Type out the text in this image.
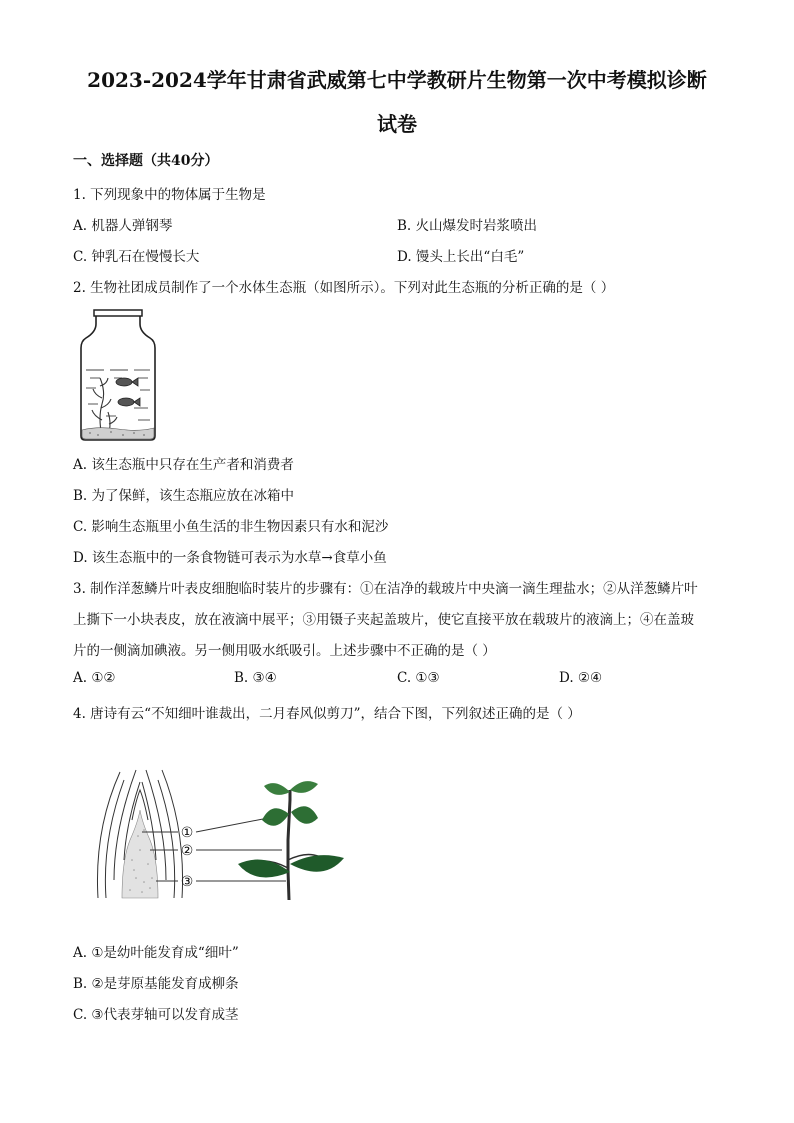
2023-2024学年甘肃省武威第七中学教研片生物第一次中考模拟诊断
试卷
一、选择题（共40分）
1. 下列现象中的物体属于生物是
A. 机器人弹钢琴	B. 火山爆发时岩浆喷出
C. 钟乳石在慢慢长大	D. 馒头上长出“白毛”
2. 生物社团成员制作了一个水体生态瓶（如图所示）。下列对此生态瓶的分析正确的是（ ）
A. 该生态瓶中只存在生产者和消费者
B. 为了保鲜，该生态瓶应放在冰箱中
C. 影响生态瓶里小鱼生活的非生物因素只有水和泥沙
D. 该生态瓶中的一条食物链可表示为水草→食草小鱼
3. 制作洋葱鳞片叶表皮细胞临时装片的步骤有：①在洁净的载玻片中央滴一滴生理盐水；②从洋葱鳞片叶
上撕下一小块表皮，放在液滴中展平；③用镊子夹起盖玻片，使它直接平放在载玻片的液滴上；④在盖玻
片的一侧滴加碘液。另一侧用吸水纸吸引。上述步骤中不正确的是（ ）
A. ①②	B. ③④	C. ①③	D. ②④
4. 唐诗有云“不知细叶谁裁出，二月春风似剪刀”，结合下图，下列叙述正确的是（ ）
①
②
③
A. ①是幼叶能发育成“细叶”
B. ②是芽原基能发育成柳条
C. ③代表芽轴可以发育成茎
